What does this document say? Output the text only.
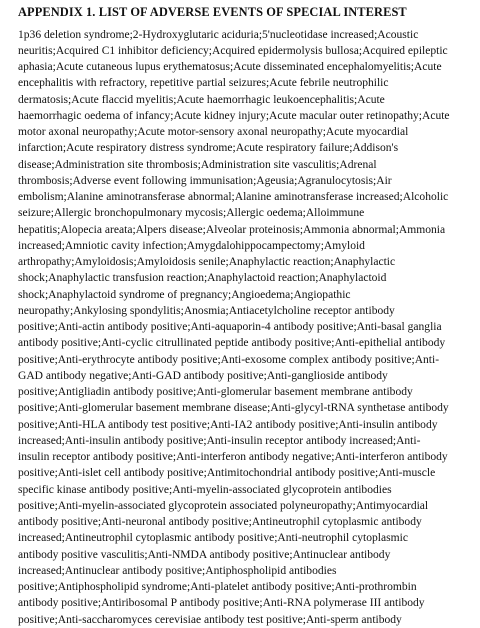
APPENDIX 1. LIST OF ADVERSE EVENTS OF SPECIAL INTEREST
1p36 deletion syndrome;2-Hydroxyglutaric aciduria;5'nucleotidase increased;Acoustic
neuritis;Acquired C1 inhibitor deficiency;Acquired epidermolysis bullosa;Acquired epileptic
aphasia;Acute cutaneous lupus erythematosus;Acute disseminated encephalomyelitis;Acute
encephalitis with refractory, repetitive partial seizures;Acute febrile neutrophilic
dermatosis;Acute flaccid myelitis;Acute haemorrhagic leukoencephalitis;Acute
haemorrhagic oedema of infancy;Acute kidney injury;Acute macular outer retinopathy;Acute
motor axonal neuropathy;Acute motor-sensory axonal neuropathy;Acute myocardial
infarction;Acute respiratory distress syndrome;Acute respiratory failure;Addison's
disease;Administration site thrombosis;Administration site vasculitis;Adrenal
thrombosis;Adverse event following immunisation;Ageusia;Agranulocytosis;Air
embolism;Alanine aminotransferase abnormal;Alanine aminotransferase increased;Alcoholic
seizure;Allergic bronchopulmonary mycosis;Allergic oedema;Alloimmune
hepatitis;Alopecia areata;Alpers disease;Alveolar proteinosis;Ammonia abnormal;Ammonia
increased;Amniotic cavity infection;Amygdalohippocampectomy;Amyloid
arthropathy;Amyloidosis;Amyloidosis senile;Anaphylactic reaction;Anaphylactic
shock;Anaphylactic transfusion reaction;Anaphylactoid reaction;Anaphylactoid
shock;Anaphylactoid syndrome of pregnancy;Angioedema;Angiopathic
neuropathy;Ankylosing spondylitis;Anosmia;Antiacetylcholine receptor antibody
positive;Anti-actin antibody positive;Anti-aquaporin-4 antibody positive;Anti-basal ganglia
antibody positive;Anti-cyclic citrullinated peptide antibody positive;Anti-epithelial antibody
positive;Anti-erythrocyte antibody positive;Anti-exosome complex antibody positive;Anti-
GAD antibody negative;Anti-GAD antibody positive;Anti-ganglioside antibody
positive;Antigliadin antibody positive;Anti-glomerular basement membrane antibody
positive;Anti-glomerular basement membrane disease;Anti-glycyl-tRNA synthetase antibody
positive;Anti-HLA antibody test positive;Anti-IA2 antibody positive;Anti-insulin antibody
increased;Anti-insulin antibody positive;Anti-insulin receptor antibody increased;Anti-
insulin receptor antibody positive;Anti-interferon antibody negative;Anti-interferon antibody
positive;Anti-islet cell antibody positive;Antimitochondrial antibody positive;Anti-muscle
specific kinase antibody positive;Anti-myelin-associated glycoprotein antibodies
positive;Anti-myelin-associated glycoprotein associated polyneuropathy;Antimyocardial
antibody positive;Anti-neuronal antibody positive;Antineutrophil cytoplasmic antibody
increased;Antineutrophil cytoplasmic antibody positive;Anti-neutrophil cytoplasmic
antibody positive vasculitis;Anti-NMDA antibody positive;Antinuclear antibody
increased;Antinuclear antibody positive;Antiphospholipid antibodies
positive;Antiphospholipid syndrome;Anti-platelet antibody positive;Anti-prothrombin
antibody positive;Antiribosomal P antibody positive;Anti-RNA polymerase III antibody
positive;Anti-saccharomyces cerevisiae antibody test positive;Anti-sperm antibody
